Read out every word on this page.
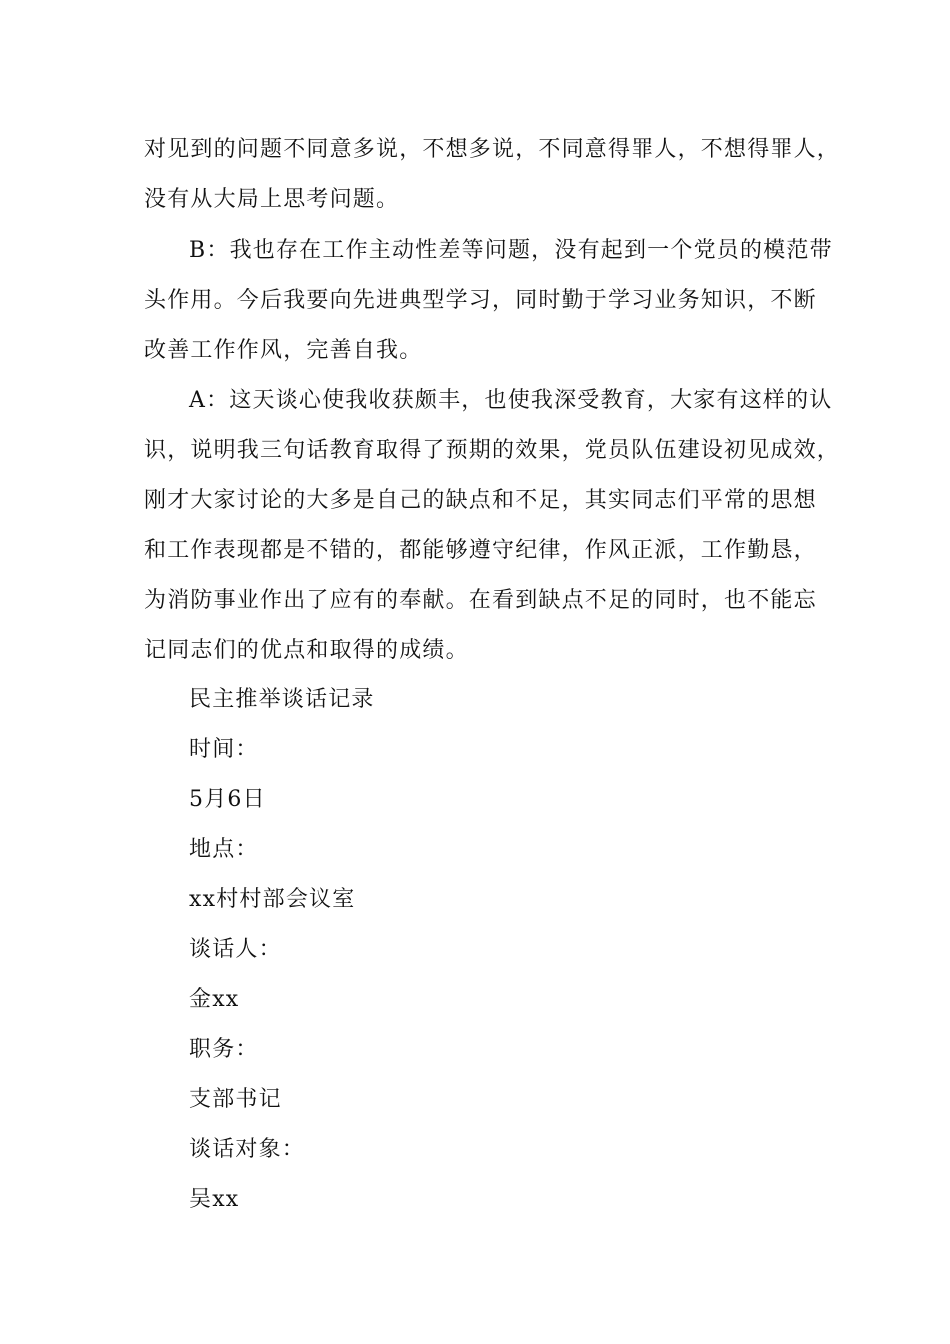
对见到的问题不同意多说，不想多说，不同意得罪人，不想得罪人，
没有从大局上思考问题。
B：我也存在工作主动性差等问题，没有起到一个党员的模范带
头作用。今后我要向先进典型学习，同时勤于学习业务知识，不断
改善工作作风，完善自我。
A：这天谈心使我收获颇丰，也使我深受教育，大家有这样的认
识，说明我三句话教育取得了预期的效果，党员队伍建设初见成效，
刚才大家讨论的大多是自己的缺点和不足，其实同志们平常的思想
和工作表现都是不错的，都能够遵守纪律，作风正派，工作勤恳，
为消防事业作出了应有的奉献。在看到缺点不足的同时，也不能忘
记同志们的优点和取得的成绩。
民主推举谈话记录
时间：
5月6日
地点：
xx村村部会议室
谈话人：
金xx
职务：
支部书记
谈话对象：
吴xx
